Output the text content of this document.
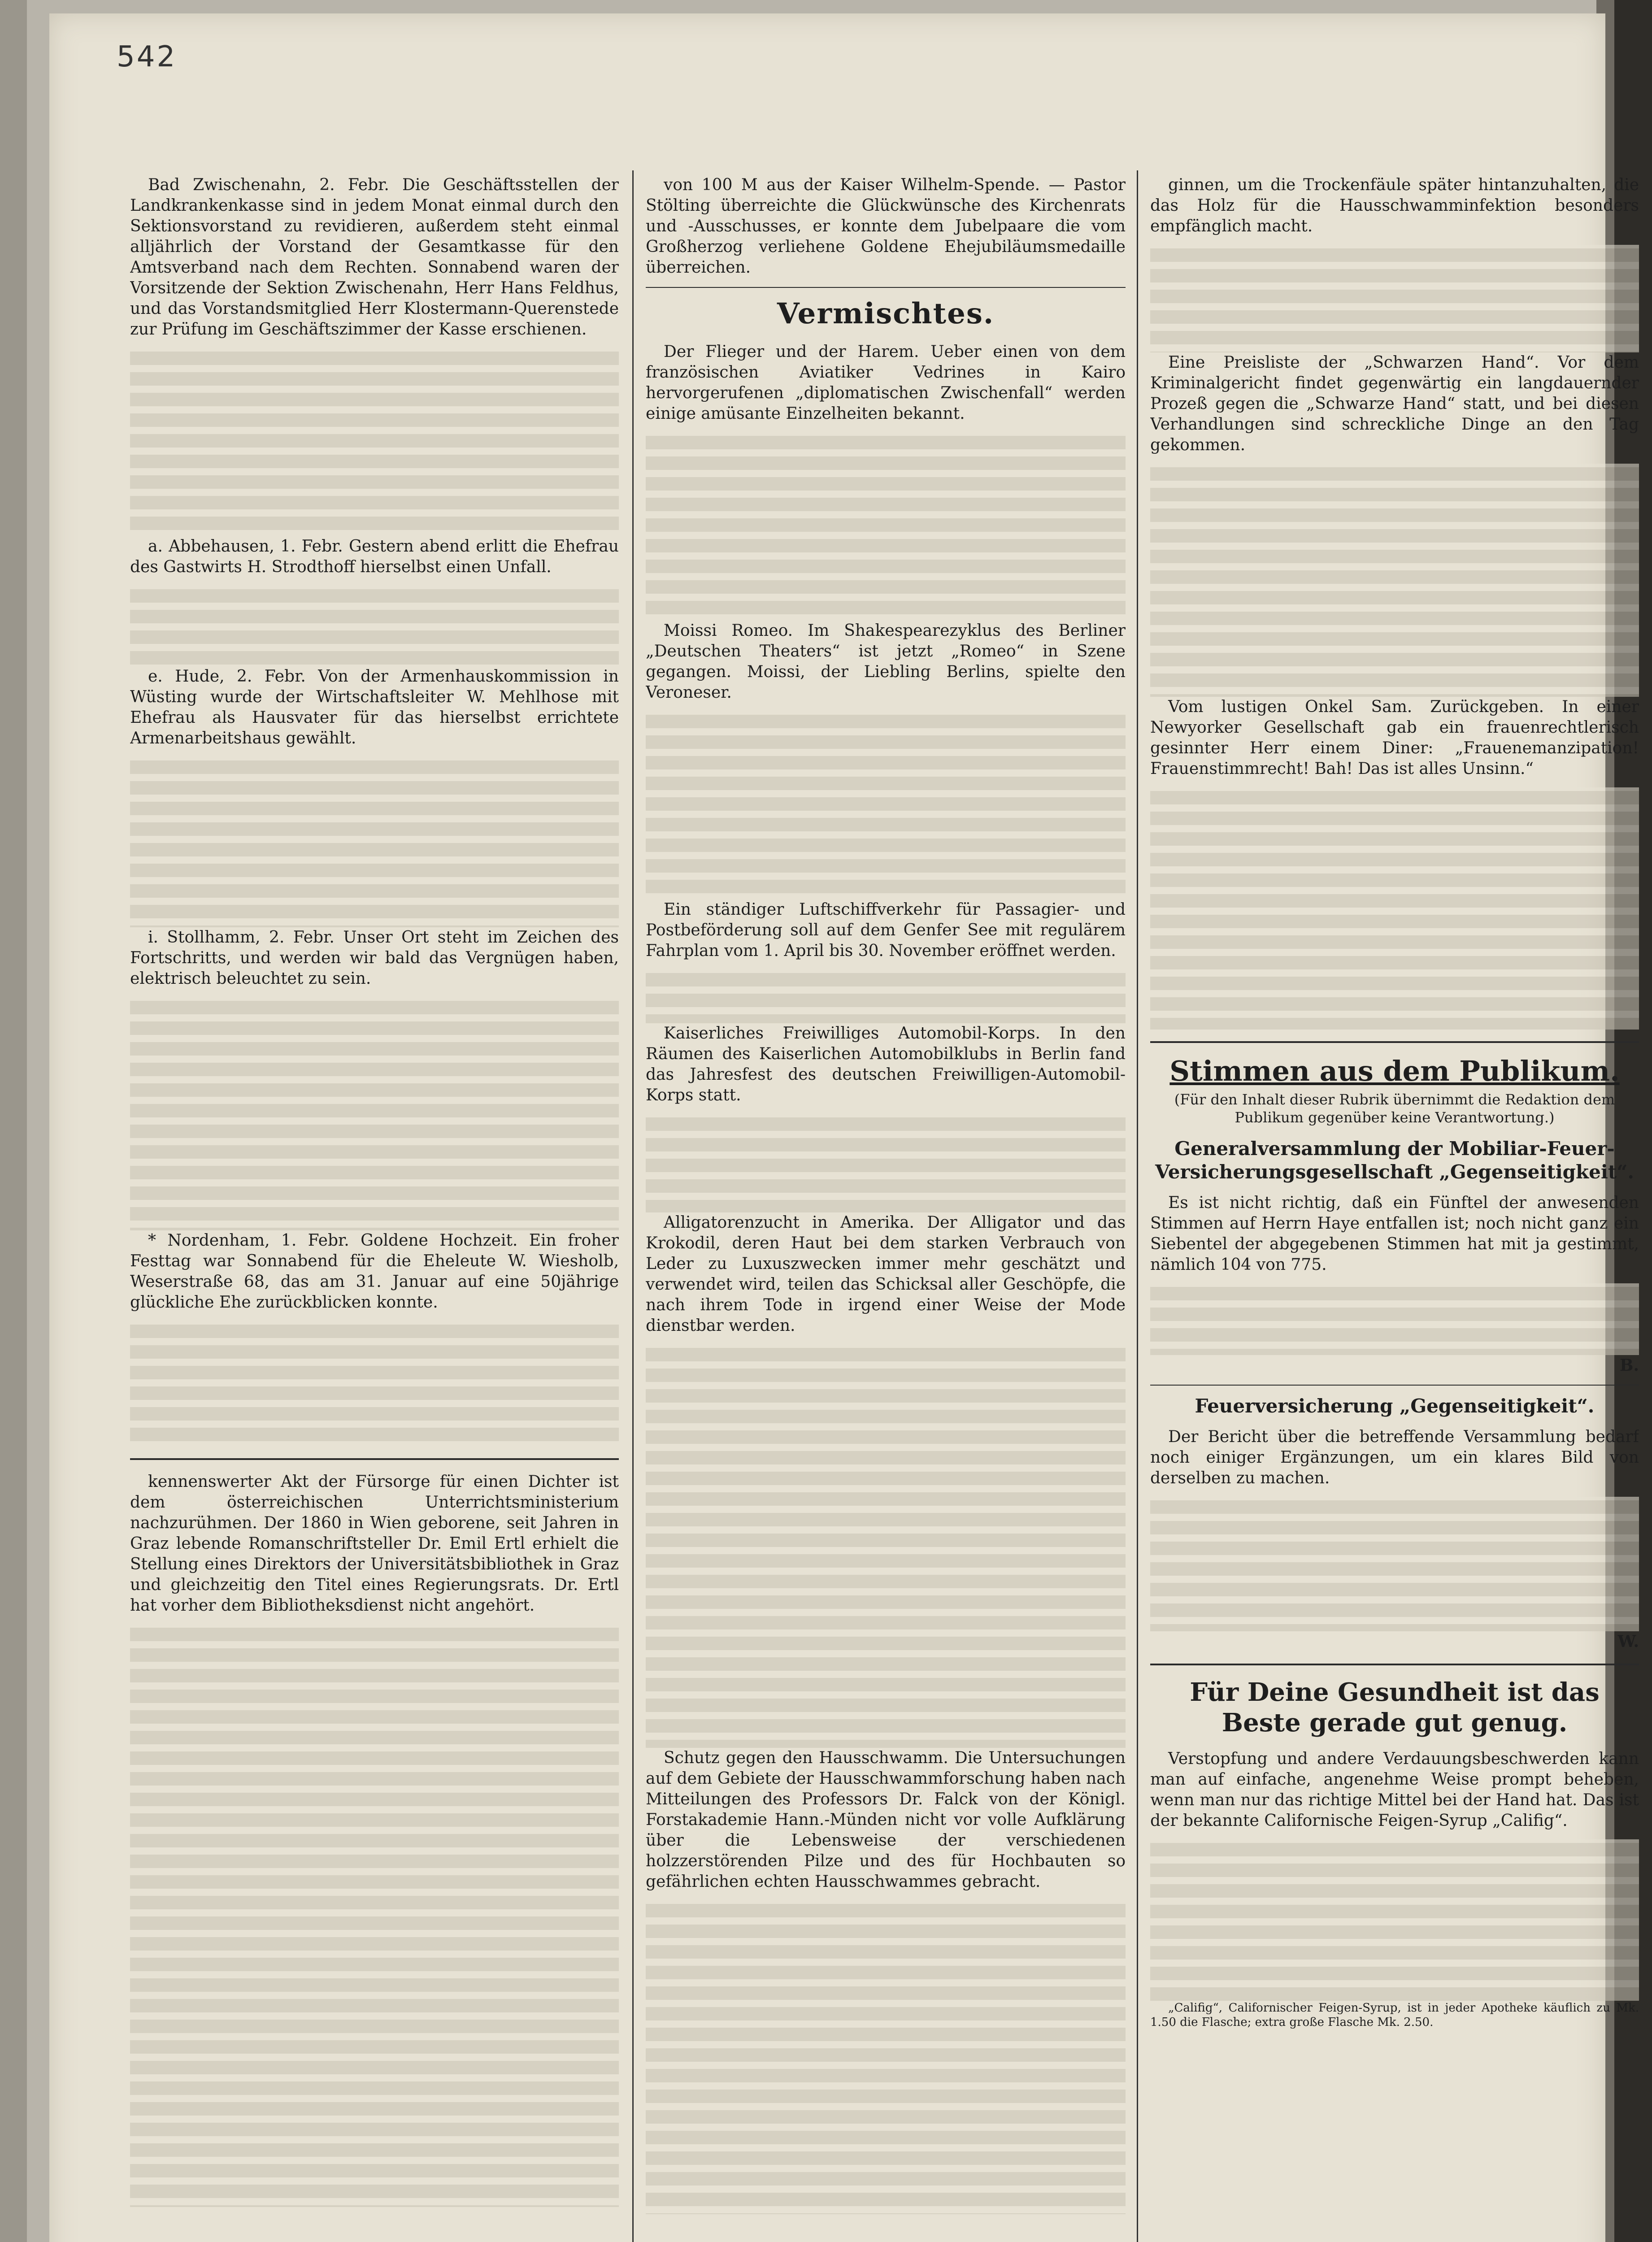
542

Bad Zwischenahn, 2. Febr. Die Geschäftsstellen der Landkrankenkasse sind in jedem Monat einmal durch den Sektionsvorstand zu revidieren, außerdem steht einmal alljährlich der Vorstand der Gesamtkasse für den Amtsverband nach dem Rechten. Sonnabend waren der Vorsitzende der Sektion Zwischenahn, Herr Hans Feldhus, und das Vorstandsmitglied Herr Klostermann-Querenstede zur Prüfung im Geschäftszimmer der Kasse erschienen.

a. Abbehausen, 1. Febr. Gestern abend erlitt die Ehefrau des Gastwirts H. Strodthoff hierselbst einen Unfall.

e. Hude, 2. Febr. Von der Armenhauskommission in Wüsting wurde der Wirtschaftsleiter W. Mehlhose mit Ehefrau als Hausvater für das hierselbst errichtete Armenarbeitshaus gewählt.

i. Stollhamm, 2. Febr. Unser Ort steht im Zeichen des Fortschritts, und werden wir bald das Vergnügen haben, elektrisch beleuchtet zu sein.

* Nordenham, 1. Febr. Goldene Hochzeit. Ein froher Festtag war Sonnabend für die Eheleute W. Wiesholb, Weserstraße 68, das am 31. Januar auf eine 50jährige glückliche Ehe zurückblicken konnte.

kennenswerter Akt der Fürsorge für einen Dichter ist dem österreichischen Unterrichtsministerium nachzurühmen. Der 1860 in Wien geborene, seit Jahren in Graz lebende Romanschriftsteller Dr. Emil Ertl erhielt die Stellung eines Direktors der Universitätsbibliothek in Graz und gleichzeitig den Titel eines Regierungsrats. Dr. Ertl hat vorher dem Bibliotheksdienst nicht angehört.

von 100 M aus der Kaiser Wilhelm-Spende. — Pastor Stölting überreichte die Glückwünsche des Kirchenrats und -Ausschusses, er konnte dem Jubelpaare die vom Großherzog verliehene Goldene Ehejubiläumsmedaille überreichen.

Vermischtes.

Der Flieger und der Harem. Ueber einen von dem französischen Aviatiker Vedrines in Kairo hervorgerufenen „diplomatischen Zwischenfall“ werden einige amüsante Einzelheiten bekannt.

Moissi Romeo. Im Shakespearezyklus des Berliner „Deutschen Theaters“ ist jetzt „Romeo“ in Szene gegangen. Moissi, der Liebling Berlins, spielte den Veroneser.

Ein ständiger Luftschiffverkehr für Passagier- und Postbeförderung soll auf dem Genfer See mit regulärem Fahrplan vom 1. April bis 30. November eröffnet werden.

Kaiserliches Freiwilliges Automobil-Korps. In den Räumen des Kaiserlichen Automobilklubs in Berlin fand das Jahresfest des deutschen Freiwilligen-Automobil-Korps statt.

Alligatorenzucht in Amerika. Der Alligator und das Krokodil, deren Haut bei dem starken Verbrauch von Leder zu Luxuszwecken immer mehr geschätzt und verwendet wird, teilen das Schicksal aller Geschöpfe, die nach ihrem Tode in irgend einer Weise der Mode dienstbar werden.

Schutz gegen den Hausschwamm. Die Untersuchungen auf dem Gebiete der Hausschwammforschung haben nach Mitteilungen des Professors Dr. Falck von der Königl. Forstakademie Hann.-Münden nicht vor volle Aufklärung über die Lebensweise der verschiedenen holzzerstörenden Pilze und des für Hochbauten so gefährlichen echten Hausschwammes gebracht.

ginnen, um die Trockenfäule später hintanzuhalten, die das Holz für die Hausschwamminfektion besonders empfänglich macht.

Eine Preisliste der „Schwarzen Hand“. Vor dem Kriminalgericht findet gegenwärtig ein langdauernder Prozeß gegen die „Schwarze Hand“ statt, und bei diesen Verhandlungen sind schreckliche Dinge an den Tag gekommen.

Vom lustigen Onkel Sam. Zurückgeben. In einer Newyorker Gesellschaft gab ein frauenrechtlerisch gesinnter Herr einem Diner: „Frauenemanzipation! Frauenstimmrecht! Bah! Das ist alles Unsinn.“

Stimmen aus dem Publikum.
(Für den Inhalt dieser Rubrik übernimmt die Redaktion dem Publikum gegenüber keine Verantwortung.)
Generalversammlung der Mobiliar-Feuer-Versicherungsgesellschaft „Gegenseitigkeit“.

Es ist nicht richtig, daß ein Fünftel der anwesenden Stimmen auf Herrn Haye entfallen ist; noch nicht ganz ein Siebentel der abgegebenen Stimmen hat mit ja gestimmt, nämlich 104 von 775.

B.

Feuerversicherung „Gegenseitigkeit“.

Der Bericht über die betreffende Versammlung bedarf noch einiger Ergänzungen, um ein klares Bild von derselben zu machen.

W.

Für Deine Gesundheit ist das Beste gerade gut genug.

Verstopfung und andere Verdauungsbeschwerden kann man auf einfache, angenehme Weise prompt beheben, wenn man nur das richtige Mittel bei der Hand hat. Das ist der bekannte Californische Feigen-Syrup „Califig“.

„Califig“, Californischer Feigen-Syrup, ist in jeder Apotheke käuflich zu Mk. 1.50 die Flasche; extra große Flasche Mk. 2.50.
